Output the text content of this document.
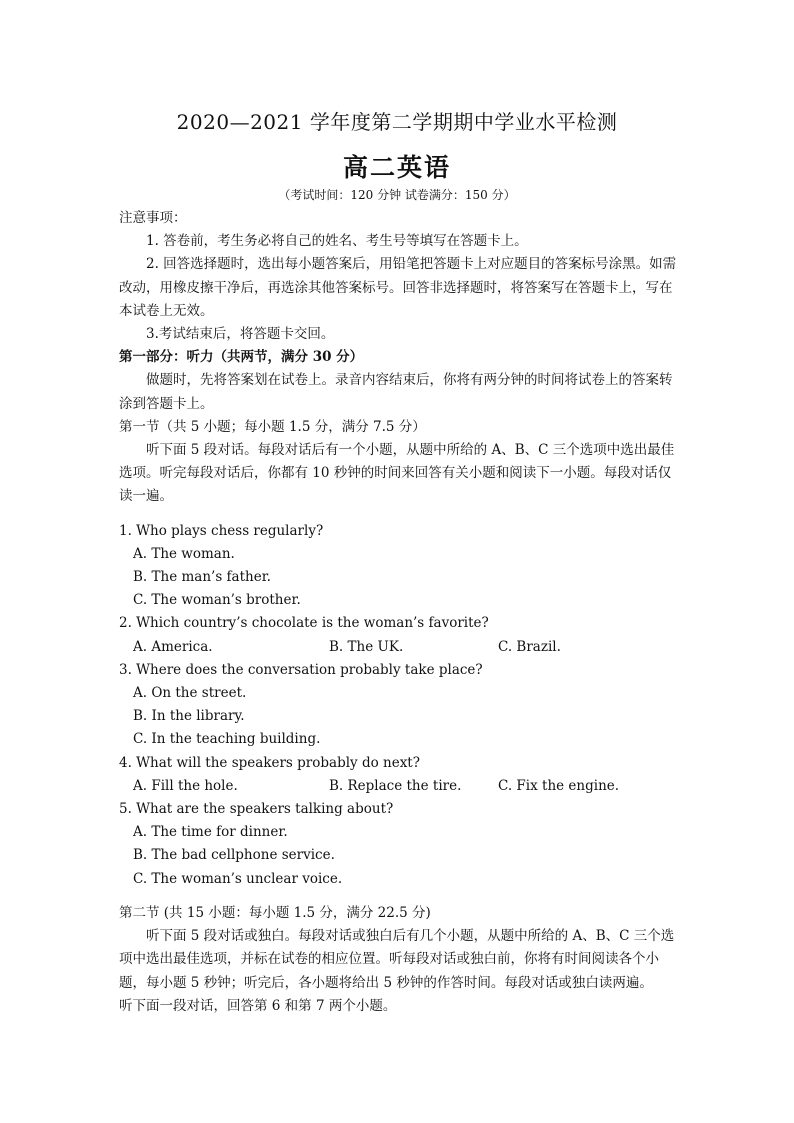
2020—2021 学年度第二学期期中学业水平检测
高二英语
（考试时间：120 分钟 试卷满分：150 分）

注意事项：

1. 答卷前，考生务必将自己的姓名、考生号等填写在答题卡上。

2. 回答选择题时，选出每小题答案后，用铅笔把答题卡上对应题目的答案标号涂黑。如需改动，用橡皮擦干净后，再选涂其他答案标号。回答非选择题时，将答案写在答题卡上，写在本试卷上无效。

3.考试结束后，将答题卡交回。

第一部分：听力（共两节，满分 30 分）

做题时，先将答案划在试卷上。录音内容结束后，你将有两分钟的时间将试卷上的答案转涂到答题卡上。

第一节（共 5 小题；每小题 1.5 分，满分 7.5 分）

听下面 5 段对话。每段对话后有一个小题，从题中所给的 A、B、C 三个选项中选出最佳选项。听完每段对话后，你都有 10 秒钟的时间来回答有关小题和阅读下一小题。每段对话仅读一遍。

1. Who plays chess regularly?

A. The woman.

B. The man’s father.

C. The woman’s brother.

2. Which country’s chocolate is the woman’s favorite?

A. America.	B. The UK.	C. Brazil.

3. Where does the conversation probably take place?

A. On the street.

B. In the library.

C. In the teaching building.

4. What will the speakers probably do next?

A. Fill the hole.	B. Replace the tire.	C. Fix the engine.

5. What are the speakers talking about?

A. The time for dinner.

B. The bad cellphone service.

C. The woman’s unclear voice.

第二节 (共 15 小题：每小题 1.5 分，满分 22.5 分)

听下面 5 段对话或独白。每段对话或独白后有几个小题，从题中所给的 A、B、C 三个选项中选出最佳选项，并标在试卷的相应位置。听每段对话或独白前，你将有时间阅读各个小题，每小题 5 秒钟；听完后，各小题将给出 5 秒钟的作答时间。每段对话或独白读两遍。

听下面一段对话，回答第 6 和第 7 两个小题。
